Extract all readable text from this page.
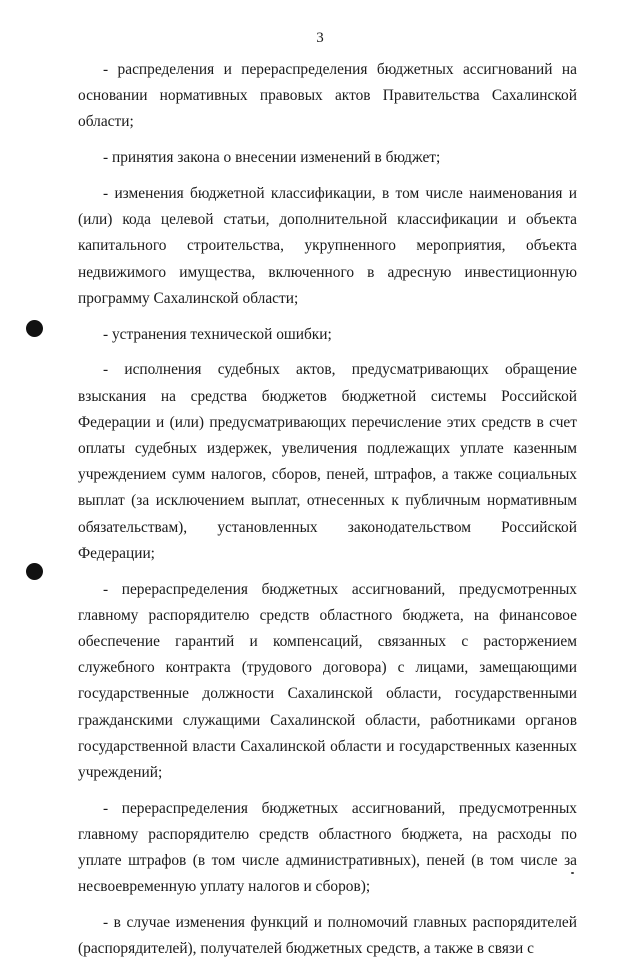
3

- распределения и перераспределения бюджетных ассигнований на основании нормативных правовых актов Правительства Сахалинской области;

- принятия закона о внесении изменений в бюджет;

- изменения бюджетной классификации, в том числе наименования и (или) кода целевой статьи, дополнительной классификации и объекта капитального строительства, укрупненного мероприятия, объекта недвижимого имущества, включенного в адресную инвестиционную программу Сахалинской области;

- устранения технической ошибки;

- исполнения судебных актов, предусматривающих обращение взыскания на средства бюджетов бюджетной системы Российской Федерации и (или) предусматривающих перечисление этих средств в счет оплаты судебных издержек, увеличения подлежащих уплате казенным учреждением сумм налогов, сборов, пеней, штрафов, а также социальных выплат (за исключением выплат, отнесенных к публичным нормативным обязательствам), установленных законодательством Российской Федерации;

- перераспределения бюджетных ассигнований, предусмотренных главному распорядителю средств областного бюджета, на финансовое обеспечение гарантий и компенсаций, связанных с расторжением служебного контракта (трудового договора) с лицами, замещающими государственные должности Сахалинской области, государственными гражданскими служащими Сахалинской области, работниками органов государственной власти Сахалинской области и государственных казенных учреждений;

- перераспределения бюджетных ассигнований, предусмотренных главному распорядителю средств областного бюджета, на расходы по уплате штрафов (в том числе административных), пеней (в том числе за несвоевременную уплату налогов и сборов);

- в случае изменения функций и полномочий главных распорядителей (распорядителей), получателей бюджетных средств, а также в связи с
